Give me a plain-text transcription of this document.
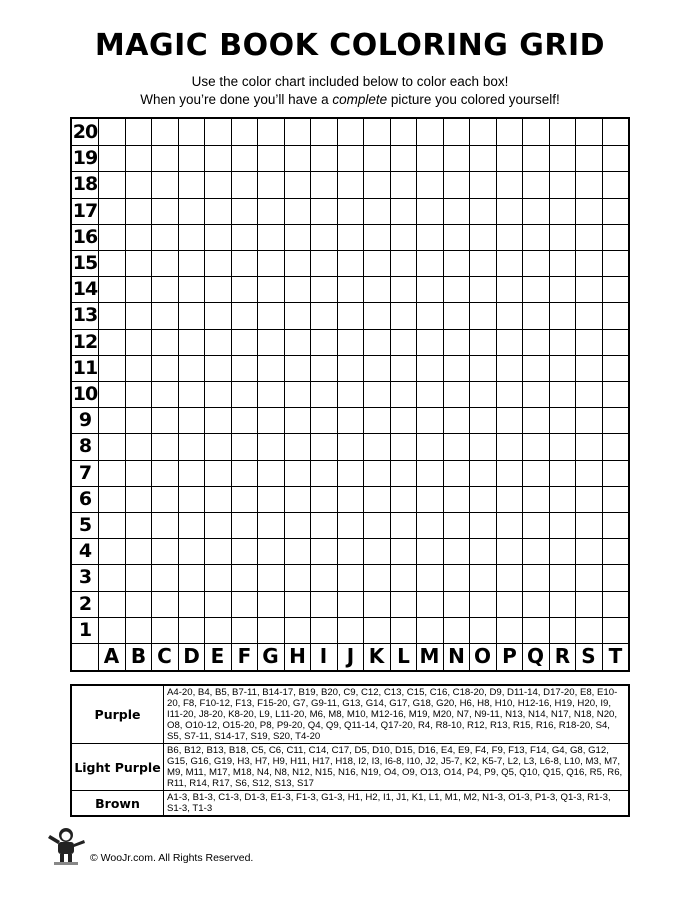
MAGIC BOOK COLORING GRID
Use the color chart included below to color each box!
When you’re done you’ll have a complete picture you colored yourself!
20
19
18
17
16
15
14
13
12
11
10
9
8
7
6
5
4
3
2
1
A B C D E F G H I J K L M N O P Q R S T
Purple	A4-20, B4, B5, B7-11, B14-17, B19, B20, C9, C12, C13, C15, C16, C18-20, D9, D11-14, D17-20, E8, E10-20, F8, F10-12, F13, F15-20, G7, G9-11, G13, G14, G17, G18, G20, H6, H8, H10, H12-16, H19, H20, I9, I11-20, J8-20, K8-20, L9, L11-20, M6, M8, M10, M12-16, M19, M20, N7, N9-11, N13, N14, N17, N18, N20, O8, O10-12, O15-20, P8, P9-20, Q4, Q9, Q11-14, Q17-20, R4, R8-10, R12, R13, R15, R16, R18-20, S4, S5, S7-11, S14-17, S19, S20, T4-20
Light Purple	B6, B12, B13, B18, C5, C6, C11, C14, C17, D5, D10, D15, D16, E4, E9, F4, F9, F13, F14, G4, G8, G12, G15, G16, G19, H3, H7, H9, H11, H17, H18, I2, I3, I6-8, I10, J2, J5-7, K2, K5-7, L2, L3, L6-8, L10, M3, M7, M9, M11, M17, M18, N4, N8, N12, N15, N16, N19, O4, O9, O13, O14, P4, P9, Q5, Q10, Q15, Q16, R5, R6, R11, R14, R17, S6, S12, S13, S17
Brown	A1-3, B1-3, C1-3, D1-3, E1-3, F1-3, G1-3, H1, H2, I1, J1, K1, L1, M1, M2, N1-3, O1-3, P1-3, Q1-3, R1-3, S1-3, T1-3
© WooJr.com. All Rights Reserved.
